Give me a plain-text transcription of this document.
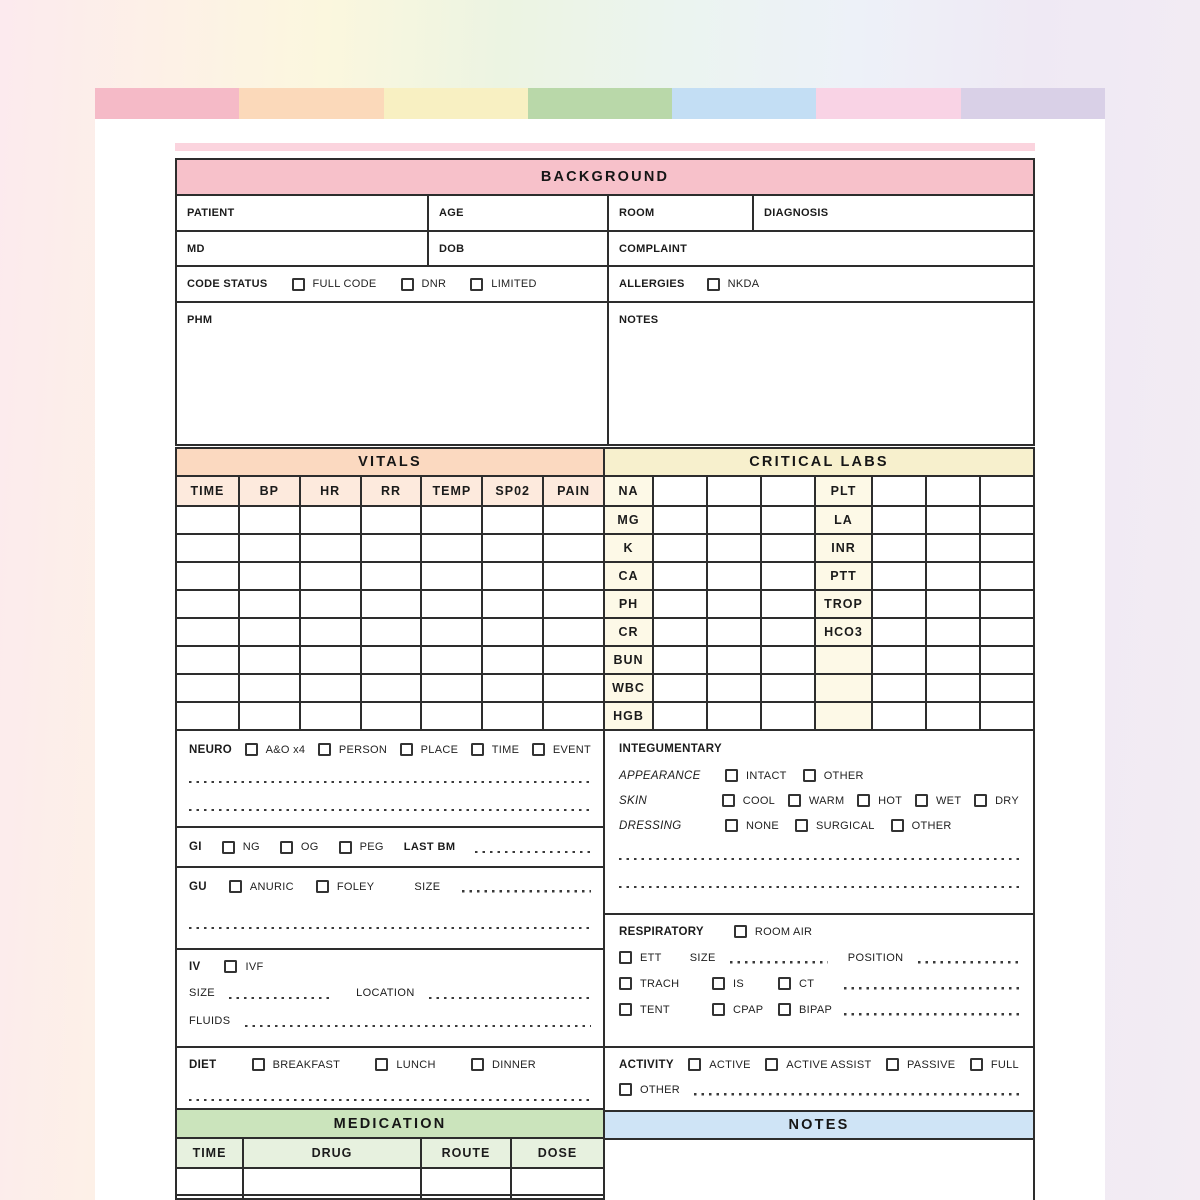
BACKGROUND
PATIENT	AGE	ROOM	DIAGNOSIS
MD	DOB	COMPLAINT
CODE STATUS	FULL CODE	DNR	LIMITED	ALLERGIES	NKDA
PHM	NOTES
VITALS
TIME	BP	HR	RR	TEMP	SP02	PAIN
CRITICAL LABS
NA	PLT
MG	LA
K	INR
CA	PTT
PH	TROP
CR	HCO3
BUN
WBC
HGB
NEURO	A&O x4	PERSON	PLACE	TIME	EVENT
GI	NG	OG	PEG LAST BM
GU	ANURIC	FOLEY	SIZE
IV	IVF
SIZE	LOCATION
FLUIDS
DIET	BREAKFAST	LUNCH	DINNER
MEDICATION
TIME	DRUG	ROUTE	DOSE
INTEGUMENTARY
APPEARANCE	INTACT	OTHER
SKIN	COOL	WARM	HOT	WET	DRY
DRESSING	NONE	SURGICAL	OTHER
RESPIRATORY	ROOM AIR
ETT	SIZE	POSITION
TRACH	IS	CT
TENT	CPAP	BIPAP
ACTIVITY	ACTIVE	ACTIVE ASSIST	PASSIVE	FULL
OTHER
NOTES
